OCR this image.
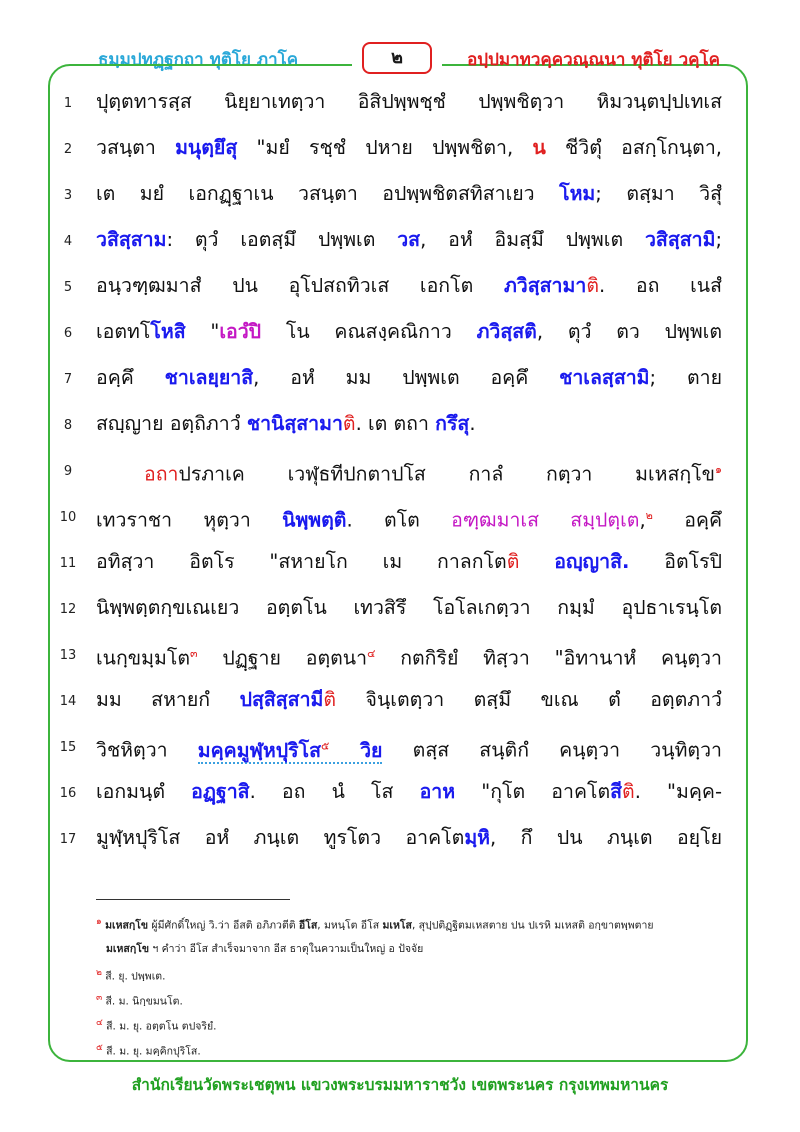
ธมฺมปทฏฺฐกถา ทุติโย ภาโค	๒	อปฺปมาทวคฺควณฺณนา ทุติโย วคฺโค
1	ปุตฺตทารสฺส นิยฺยาเทตฺวา อิสิปพฺพชฺชํ ปพฺพชิตฺวา หิมวนฺตปฺปเทเส
2	วสนฺตา มนุตฺยึสุ "มยํ รชฺชํ ปหาย ปพฺพชิตา, น ชีวิตุํ อสกฺโกนฺตา,
3	เต มยํ เอกฏฺฐาเน วสนฺตา อปพฺพชิตสทิสาเยว โหม; ตสฺมา วิสุํ
4	วสิสฺสาม: ตุวํ เอตสฺมึ ปพฺพเต วส, อหํ อิมสฺมึ ปพฺพเต วสิสฺสามิ;
5	อนฺวฑฺฒมาสํ ปน อุโปสถทิวเส เอกโต ภวิสฺสามาติ. อถ เนสํ
6	เอตทโโหสิ "เอวํปิ โน คณสงฺคณิกาว ภวิสฺสติ, ตุวํ ตว ปพฺพเต
7	อคฺคึ ชาเลยฺยาสิ, อหํ มม ปพฺพเต อคฺคึ ชาเลสฺสามิ; ตาย
8	สญฺญาย อตฺถิภาวํ ชานิสฺสามาติ. เต ตถา กรึสุ.
9	อถาปรภาเค เวฬุธทีปกตาปโส กาลํ กตฺวา มเหสกฺโข$^๑$
10	เทวราชา หุตฺวา นิพฺพตฺติ. ตโต อฑฺฒมาเส สมฺปตฺเต,$^๒$ อคฺคึ
11	อทิสฺวา อิตโร "สหายโก เม กาลกโตติ อญฺญาสิ. อิตโรปิ
12	นิพฺพตฺตกฺขเณเยว อตฺตโน เทวสิรึ โอโลเกตฺวา กมฺมํ อุปธาเรนฺโต
13	เนกฺขมฺมโต$^๓$ ปฏฺฐาย อตฺตนา$^๔$ กตกิริยํ ทิสฺวา "อิทานาหํ คนฺตฺวา
14	มม สหายกํ ปสฺสิสฺสามีติ จินฺเตตฺวา ตสฺมึ ขเณ ตํ อตฺตภาวํ
15	วิชหิตฺวา มคฺคมูฬฺหปุริโส$^๕$ วิย ตสฺส สนฺติกํ คนฺตฺวา วนฺทิตฺวา
16	เอกมนฺตํ อฏฺฐาสิ. อถ นํ โส อาห "กุโต อาคโตสีติ. "มคฺค-
17	มูฬฺหปุริโส อหํ ภนฺเต ทูรโตว อาคโตมฺหิ, กึ ปน ภนฺเต อยฺโย
๑ มเหสกฺโข ผู้มีศักดิ์ใหญ่ วิ.ว่า อีสติ อภิภวตีติ อีโส, มหนฺโต อีโส มเหโส, สุปฺปติฏฺฐิตมเหสตาย ปน ปเรหิ มเหสติ อกฺขาตพฺพตาย
มเหสกฺโข ฯ คำว่า อีโส สำเร็จมาจาก อีส ธาตุในความเป็นใหญ่ อ ปัจจัย
๒ สี. ยุ. ปพฺพเต.
๓ สี. ม. นิกฺขมนโต.
๔ สี. ม. ยุ. อตฺตโน ตปจริยํ.
๕ สี. ม. ยุ. มคฺคิกปุริโส.
สำนักเรียนวัดพระเชตุพน แขวงพระบรมมหาราชวัง เขตพระนคร กรุงเทพมหานคร
